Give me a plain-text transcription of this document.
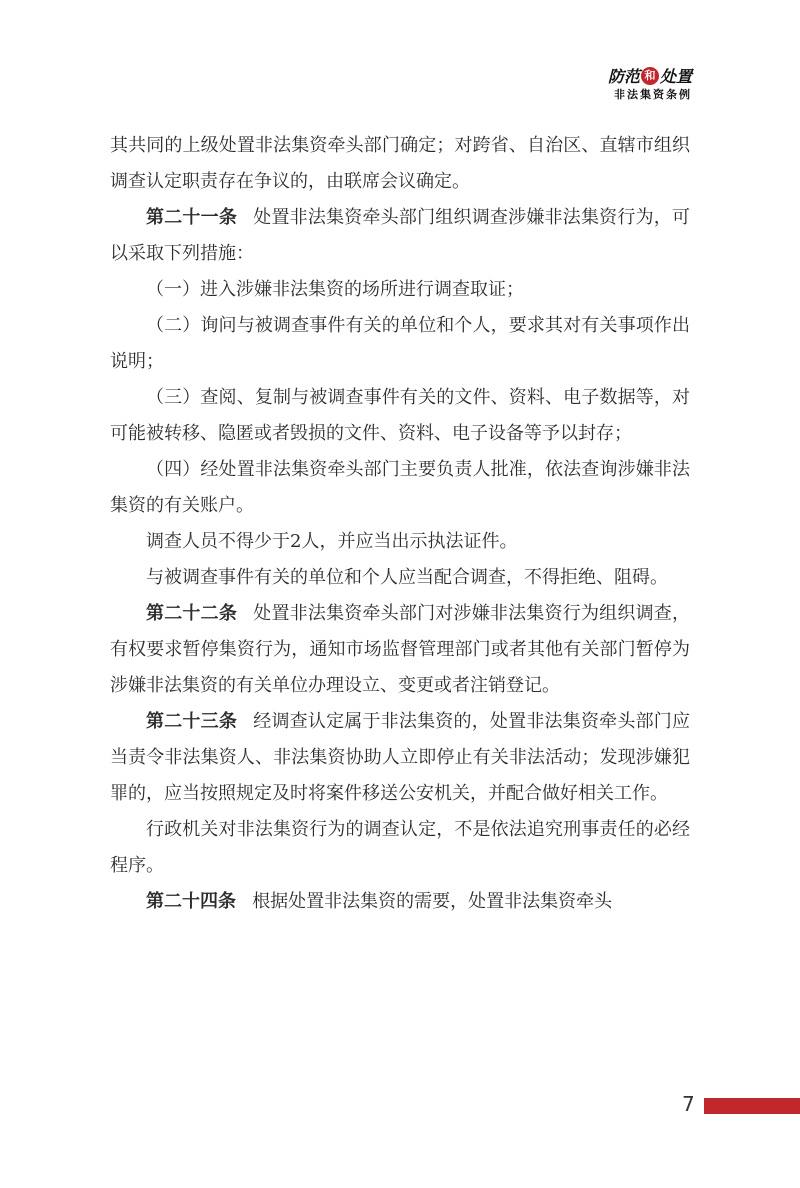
防范 和 处置
非法集资条例

其共同的上级处置非法集资牵头部门确定；对跨省、自治区、直辖市组织调查认定职责存在争议的，由联席会议确定。

第二十一条 处置非法集资牵头部门组织调查涉嫌非法集资行为，可以采取下列措施：

（一）进入涉嫌非法集资的场所进行调查取证；

（二）询问与被调查事件有关的单位和个人，要求其对有关事项作出说明；

（三）查阅、复制与被调查事件有关的文件、资料、电子数据等，对可能被转移、隐匿或者毁损的文件、资料、电子设备等予以封存；

（四）经处置非法集资牵头部门主要负责人批准，依法查询涉嫌非法集资的有关账户。

调查人员不得少于2人，并应当出示执法证件。

与被调查事件有关的单位和个人应当配合调查，不得拒绝、阻碍。

第二十二条 处置非法集资牵头部门对涉嫌非法集资行为组织调查，有权要求暂停集资行为，通知市场监督管理部门或者其他有关部门暂停为涉嫌非法集资的有关单位办理设立、变更或者注销登记。

第二十三条 经调查认定属于非法集资的，处置非法集资牵头部门应当责令非法集资人、非法集资协助人立即停止有关非法活动；发现涉嫌犯罪的，应当按照规定及时将案件移送公安机关，并配合做好相关工作。

行政机关对非法集资行为的调查认定，不是依法追究刑事责任的必经程序。

第二十四条 根据处置非法集资的需要，处置非法集资牵头

7
